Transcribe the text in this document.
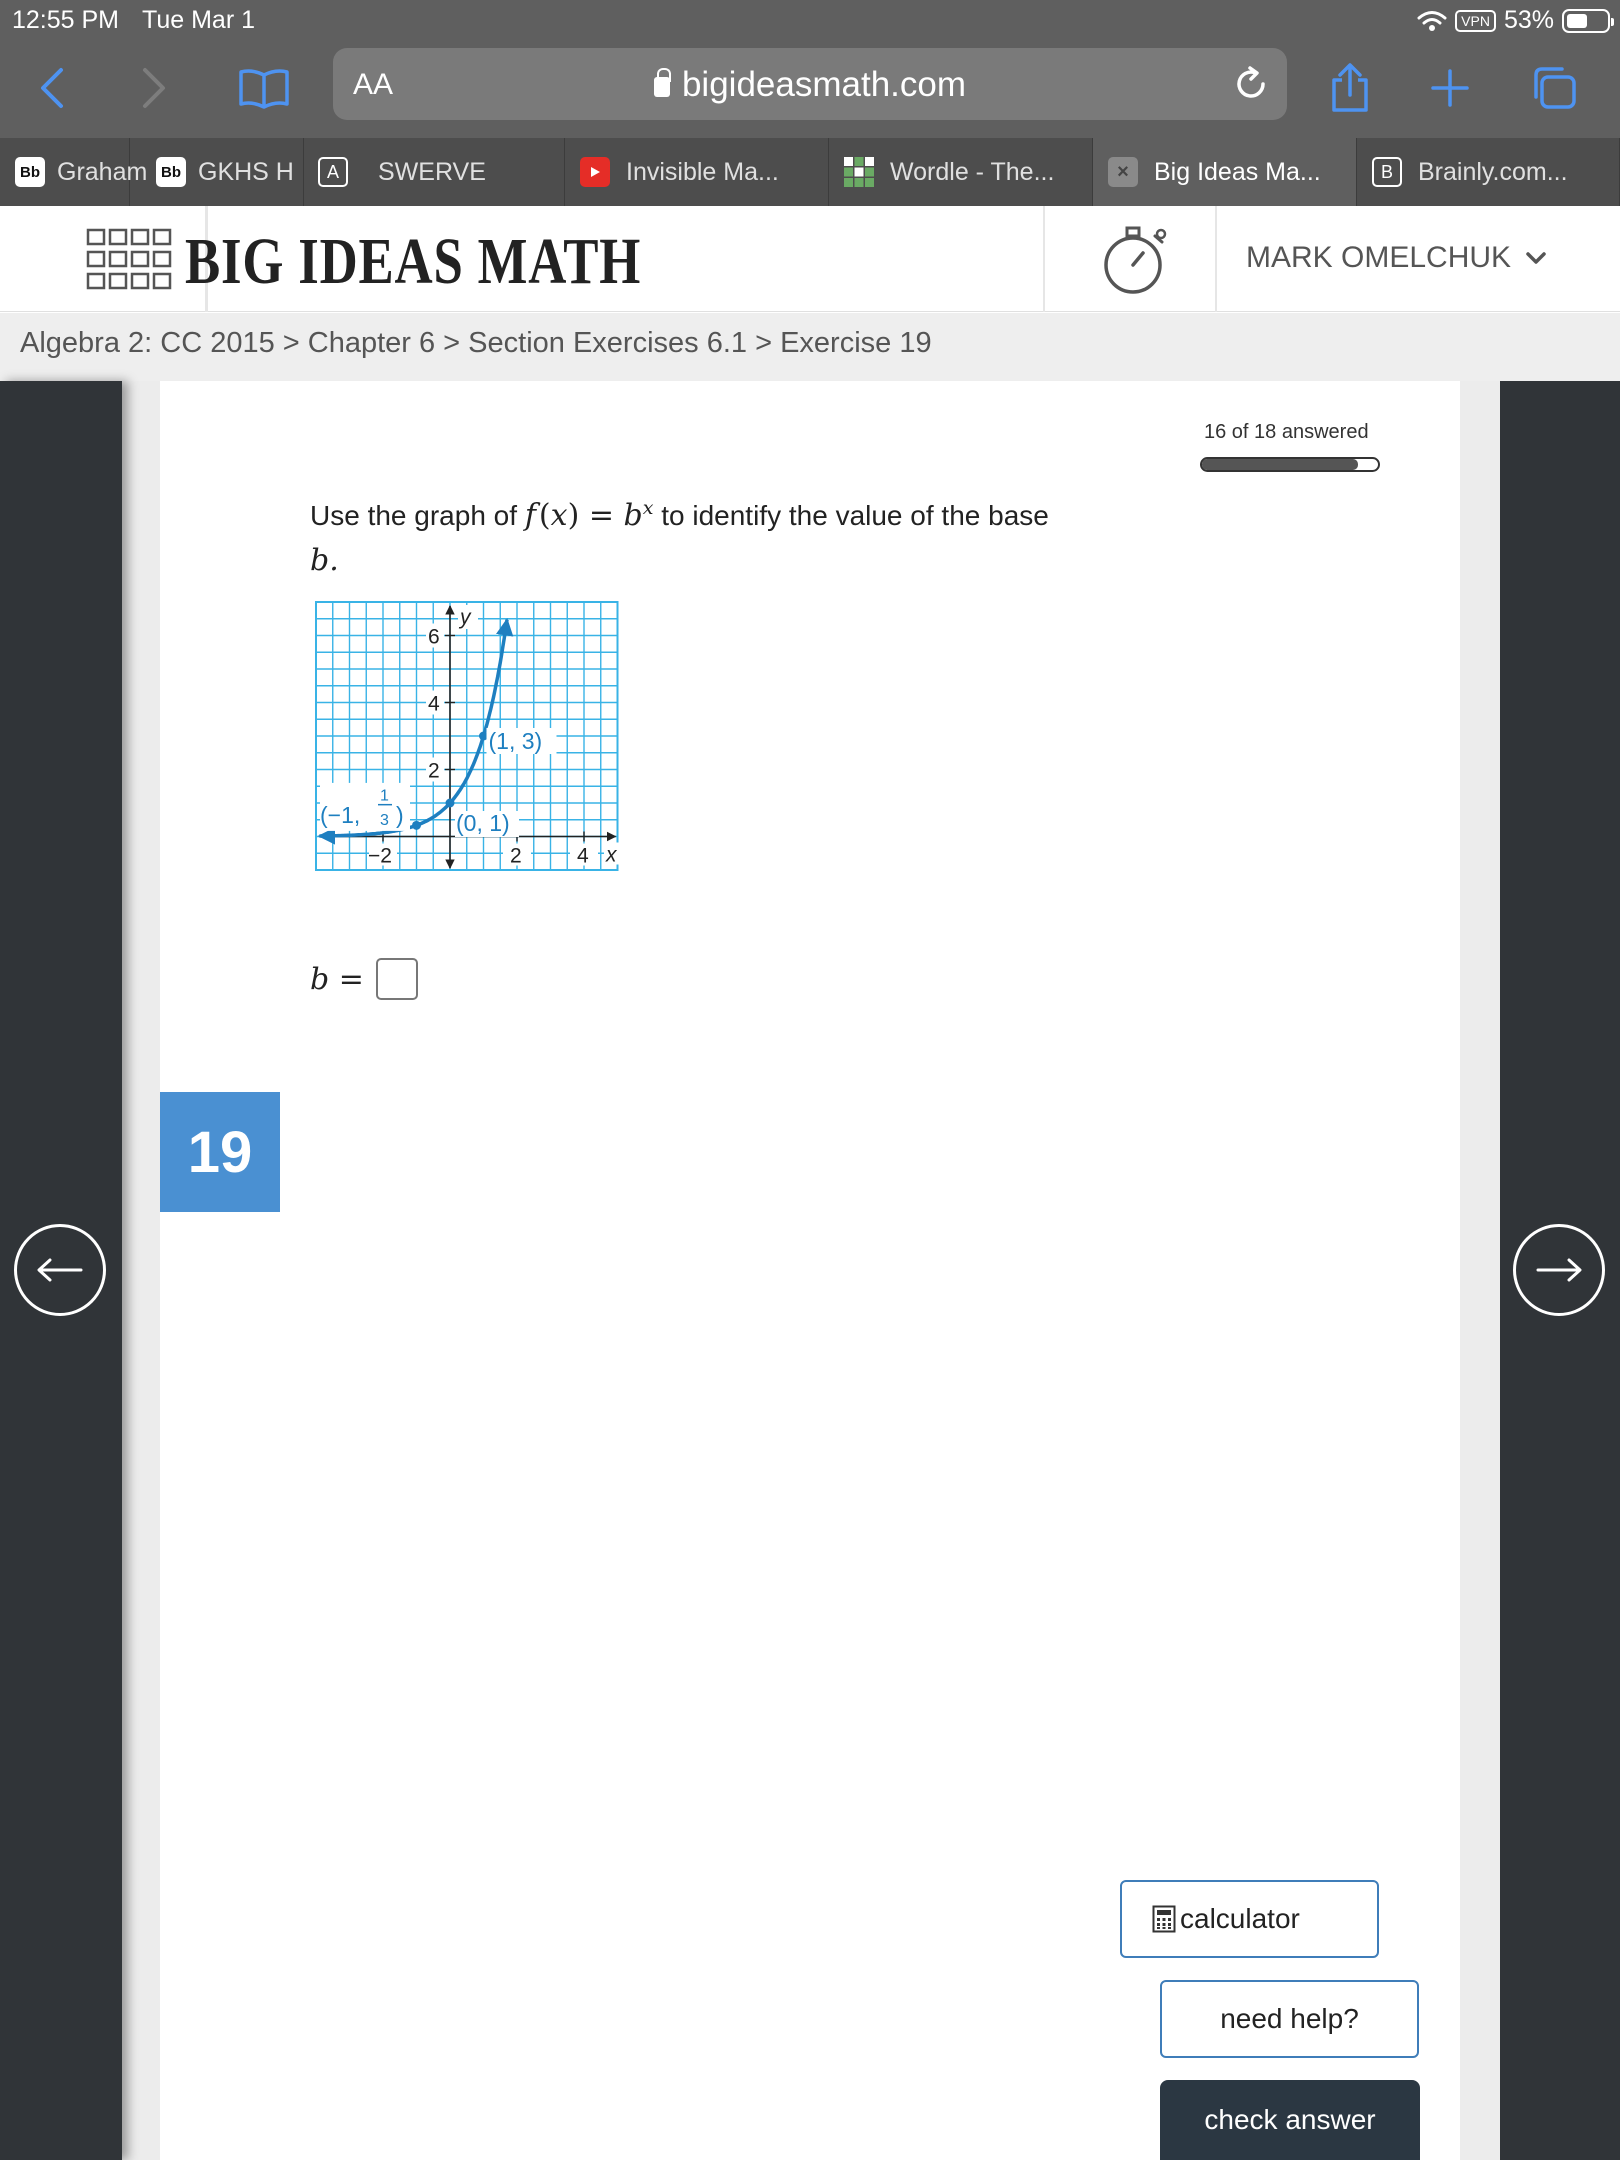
12:55 PM Tue Mar 1	VPN 53%
AA	bigideasmath.com
Bb Graham Bb GKHS H	A	SWERVE	Invisible Ma...	Wordle - The...	×	Big Ideas Ma...	B	Brainly.com...
BIG IDEAS MATH	MARK OMELCHUK
Algebra 2: CC 2015 > Chapter 6 > Section Exercises 6.1 > Exercise 19
16 of 18 answered
Use the graph of f  $(x) = b^x$ to identify the value of the base
b.
y
x
−2	2	4
2
4
6
(1, 3)
(0, 1)
(−1,
1
3 )
b =
19
calculator
need help?
check answer
